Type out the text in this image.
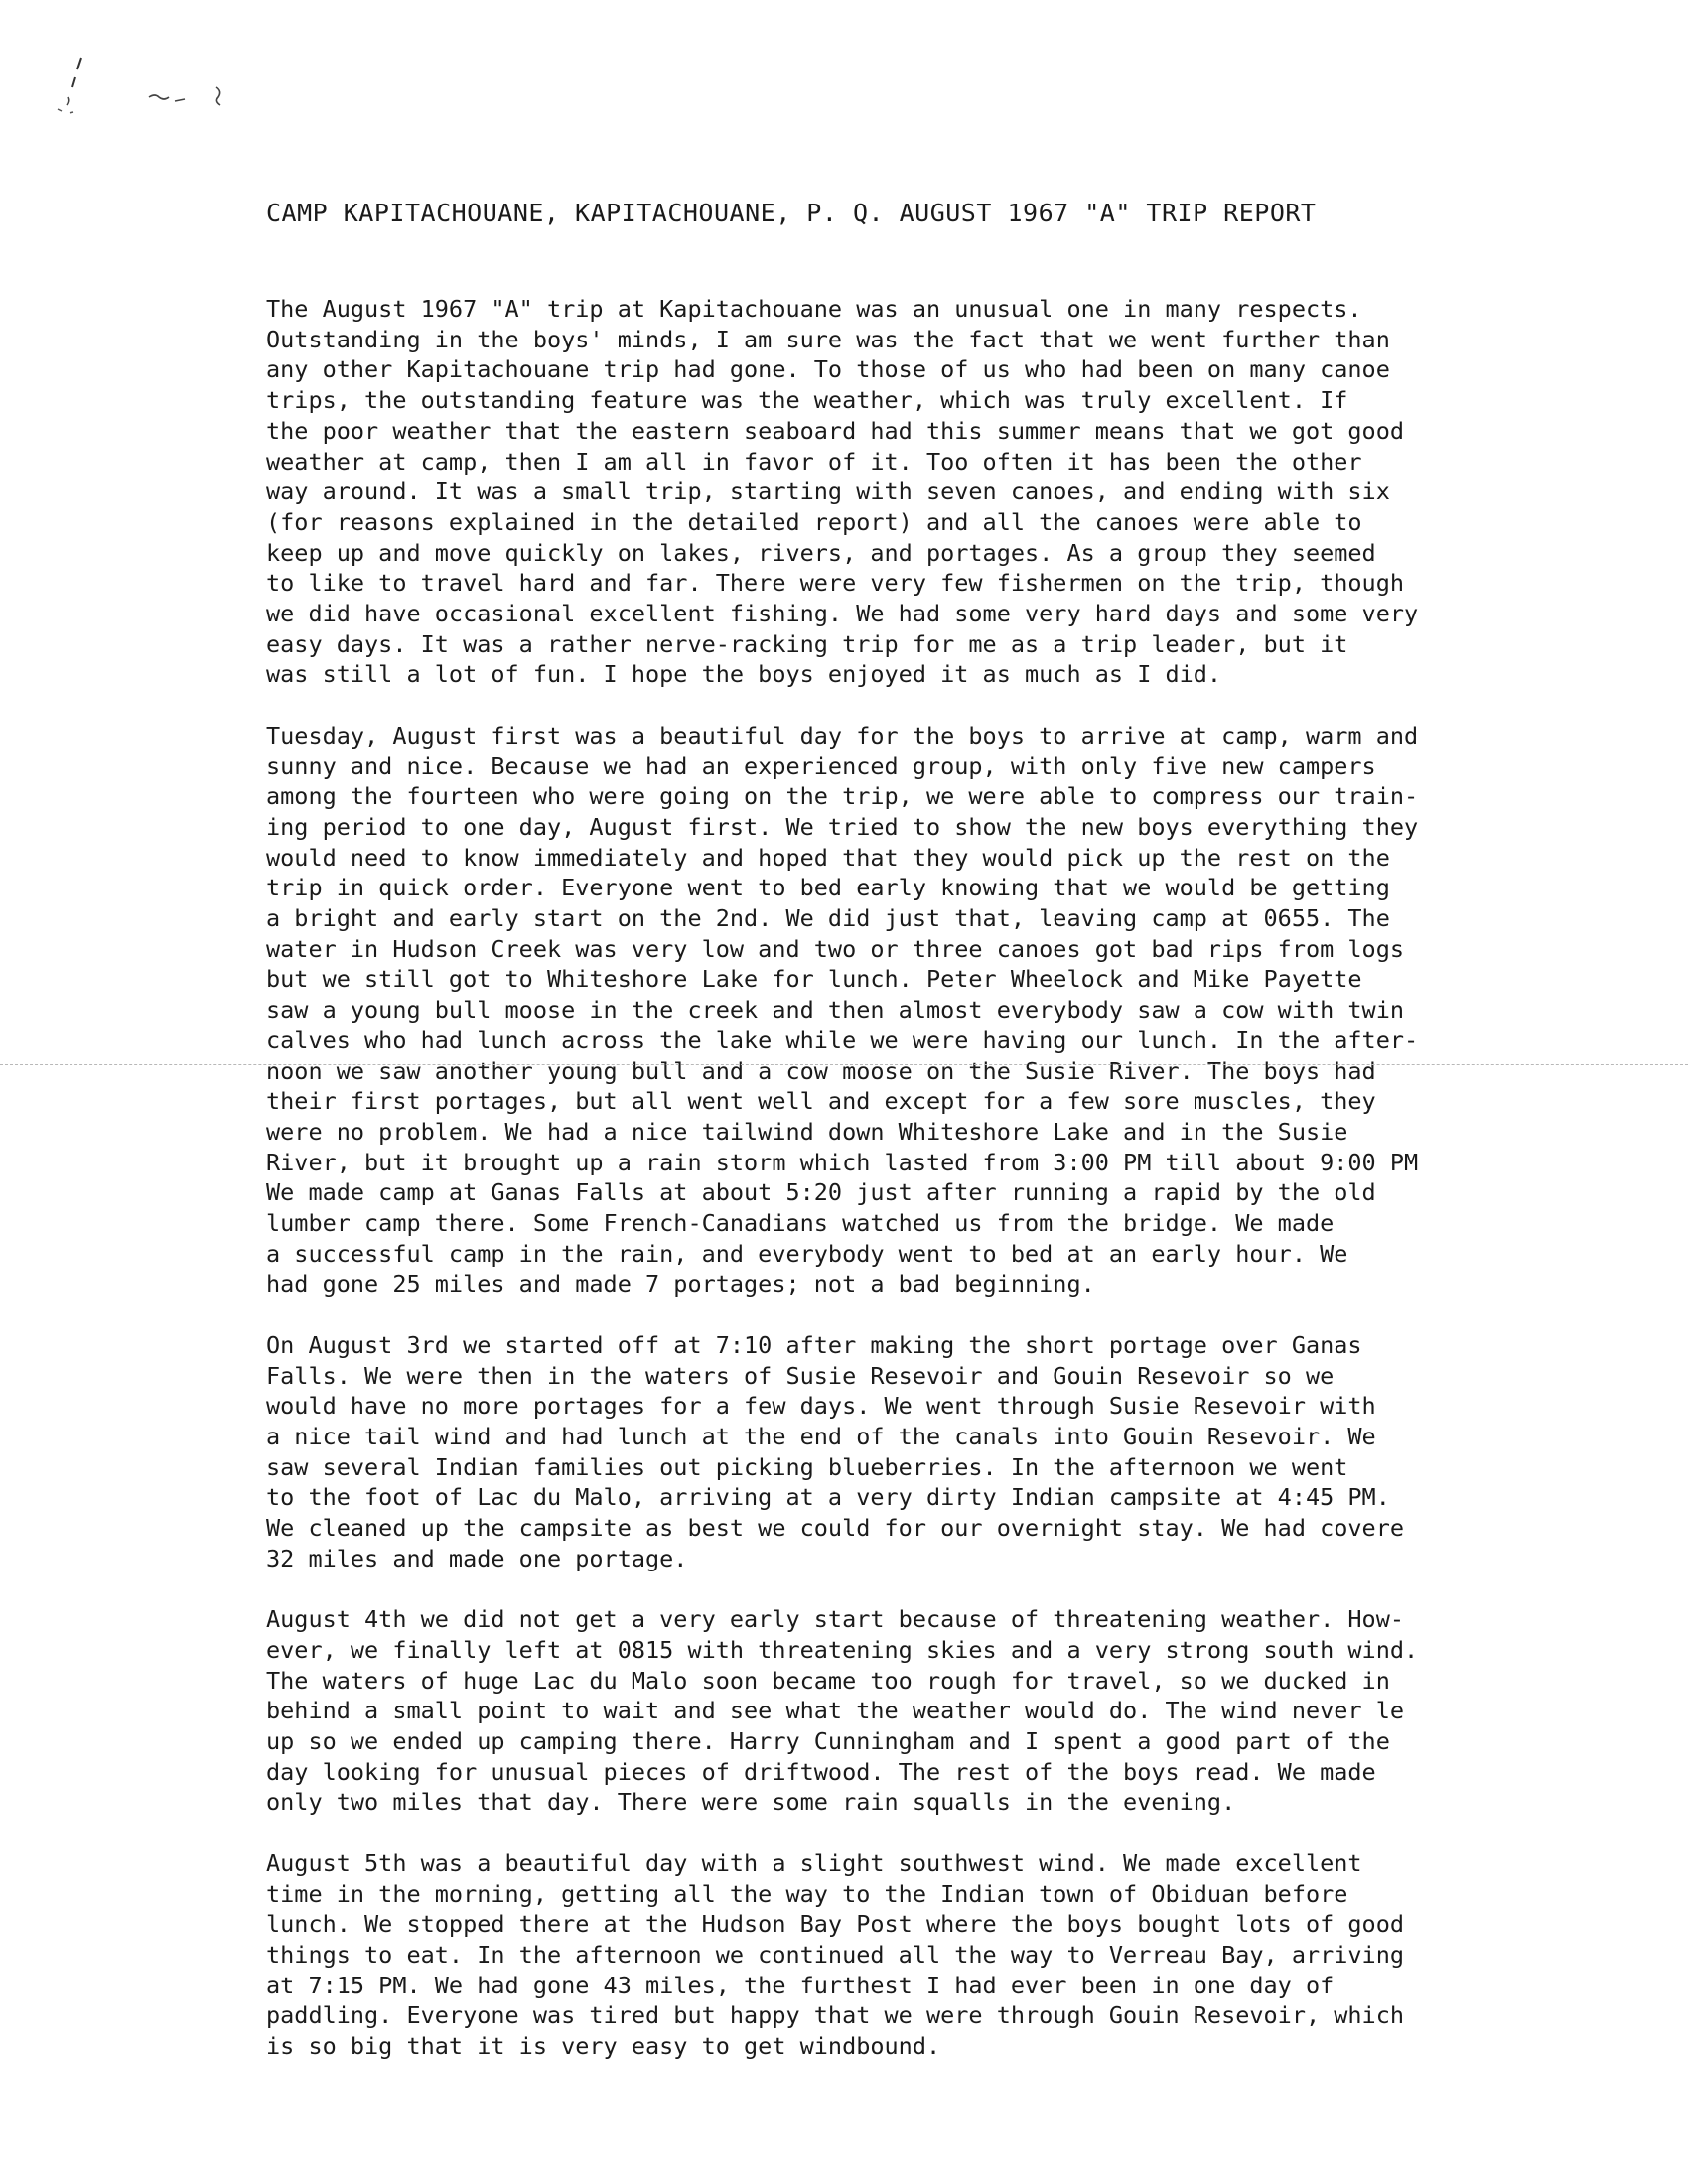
CAMP KAPITACHOUANE, KAPITACHOUANE, P. Q. AUGUST 1967 "A" TRIP REPORT
The August 1967 "A" trip at Kapitachouane was an unusual one in many respects.
Outstanding in the boys' minds, I am sure was the fact that we went further than
any other Kapitachouane trip had gone. To those of us who had been on many canoe
trips, the outstanding feature was the weather, which was truly excellent. If
the poor weather that the eastern seaboard had this summer means that we got good
weather at camp, then I am all in favor of it. Too often it has been the other
way around. It was a small trip, starting with seven canoes, and ending with six
(for reasons explained in the detailed report) and all the canoes were able to
keep up and move quickly on lakes, rivers, and portages. As a group they seemed
to like to travel hard and far. There were very few fishermen on the trip, though
we did have occasional excellent fishing. We had some very hard days and some very
easy days. It was a rather nerve-racking trip for me as a trip leader, but it
was still a lot of fun. I hope the boys enjoyed it as much as I did.
Tuesday, August first was a beautiful day for the boys to arrive at camp, warm and
sunny and nice. Because we had an experienced group, with only five new campers
among the fourteen who were going on the trip, we were able to compress our train-
ing period to one day, August first. We tried to show the new boys everything they
would need to know immediately and hoped that they would pick up the rest on the
trip in quick order. Everyone went to bed early knowing that we would be getting
a bright and early start on the 2nd. We did just that, leaving camp at 0655. The
water in Hudson Creek was very low and two or three canoes got bad rips from logs
but we still got to Whiteshore Lake for lunch. Peter Wheelock and Mike Payette
saw a young bull moose in the creek and then almost everybody saw a cow with twin
calves who had lunch across the lake while we were having our lunch. In the after-
noon we saw another young bull and a cow moose on the Susie River. The boys had
their first portages, but all went well and except for a few sore muscles, they
were no problem. We had a nice tailwind down Whiteshore Lake and in the Susie
River, but it brought up a rain storm which lasted from 3:00 PM till about 9:00 PM
We made camp at Ganas Falls at about 5:20 just after running a rapid by the old
lumber camp there. Some French-Canadians watched us from the bridge. We made
a successful camp in the rain, and everybody went to bed at an early hour. We
had gone 25 miles and made 7 portages; not a bad beginning.
On August 3rd we started off at 7:10 after making the short portage over Ganas
Falls. We were then in the waters of Susie Resevoir and Gouin Resevoir so we
would have no more portages for a few days. We went through Susie Resevoir with
a nice tail wind and had lunch at the end of the canals into Gouin Resevoir. We
saw several Indian families out picking blueberries. In the afternoon we went
to the foot of Lac du Malo, arriving at a very dirty Indian campsite at 4:45 PM.
We cleaned up the campsite as best we could for our overnight stay. We had covere
32 miles and made one portage.
August 4th we did not get a very early start because of threatening weather. How-
ever, we finally left at 0815 with threatening skies and a very strong south wind.
The waters of huge Lac du Malo soon became too rough for travel, so we ducked in
behind a small point to wait and see what the weather would do. The wind never le
up so we ended up camping there. Harry Cunningham and I spent a good part of the
day looking for unusual pieces of driftwood. The rest of the boys read. We made
only two miles that day. There were some rain squalls in the evening.
August 5th was a beautiful day with a slight southwest wind. We made excellent
time in the morning, getting all the way to the Indian town of Obiduan before
lunch. We stopped there at the Hudson Bay Post where the boys bought lots of good
things to eat. In the afternoon we continued all the way to Verreau Bay, arriving
at 7:15 PM. We had gone 43 miles, the furthest I had ever been in one day of
paddling. Everyone was tired but happy that we were through Gouin Resevoir, which
is so big that it is very easy to get windbound.
